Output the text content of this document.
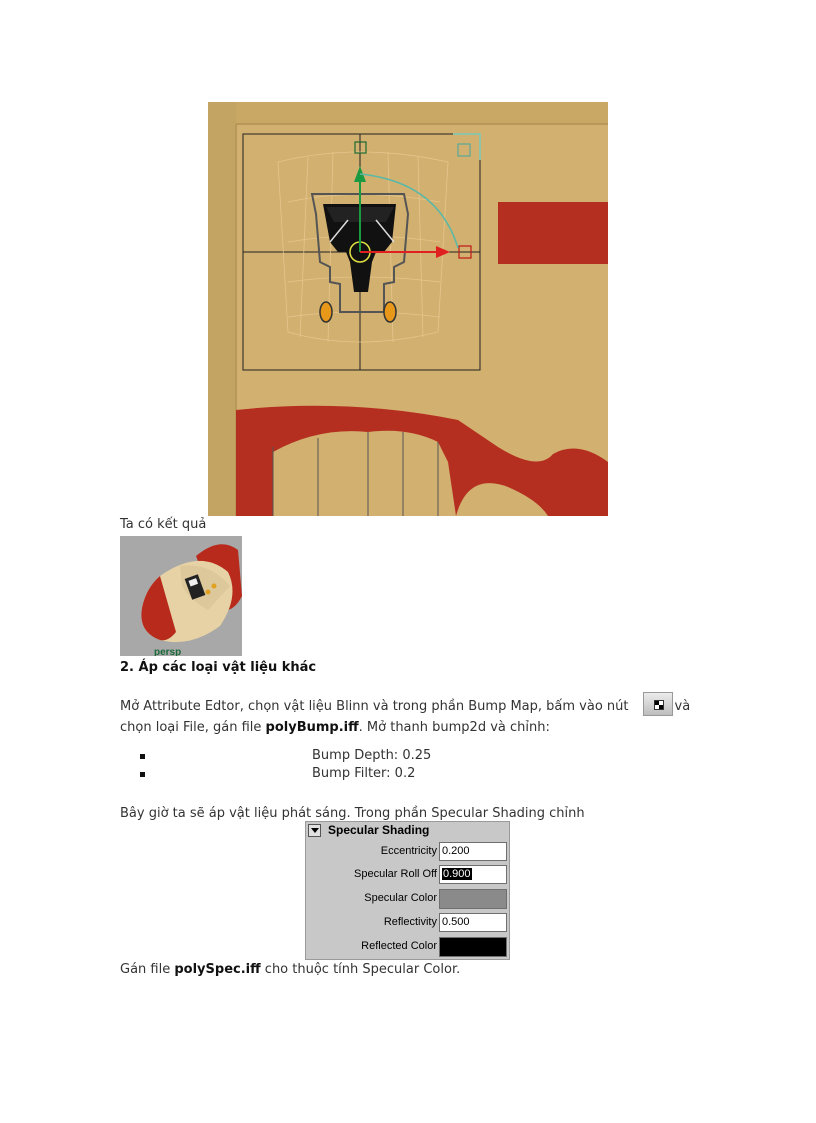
Ta có kết quả
persp
2. Áp các loại vật liệu khác
Mở Attribute Edtor, chọn vật liệu Blinn và trong phần Bump Map, bấm vào nút	và chọn loại File, gán file polyBump.iff. Mở thanh bump2d và chỉnh:
Bump Depth: 0.25
Bump Filter: 0.2
Bây giờ ta sẽ áp vật liệu phát sáng. Trong phần Specular Shading chỉnh
Specular Shading
Eccentricity 0.200
Specular Roll Off 0.900
Specular Color
Reflectivity 0.500
Reflected Color
Gán file polySpec.iff cho thuộc tính Specular Color.
